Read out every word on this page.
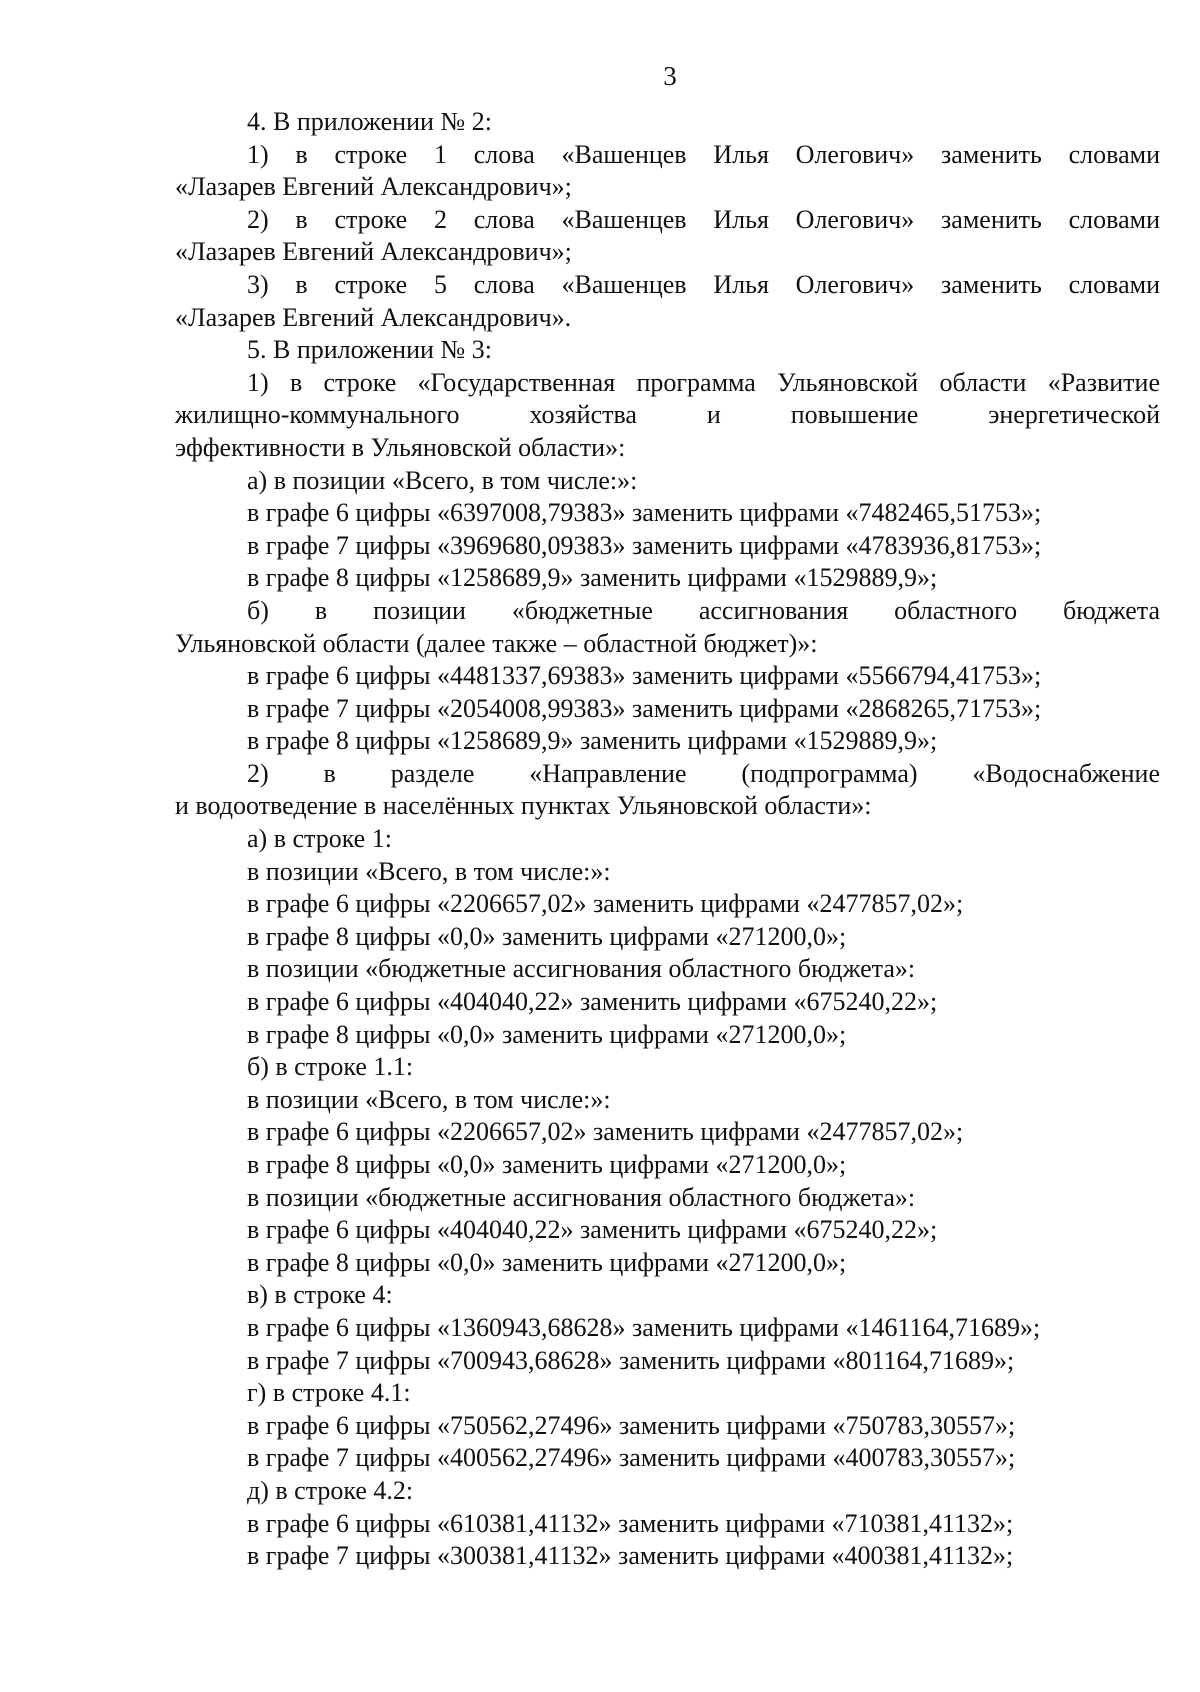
3
4. В приложении № 2:
1) в строке 1 слова «Вашенцев Илья Олегович» заменить словами
«Лазарев Евгений Александрович»;
2) в строке 2 слова «Вашенцев Илья Олегович» заменить словами
«Лазарев Евгений Александрович»;
3) в строке 5 слова «Вашенцев Илья Олегович» заменить словами
«Лазарев Евгений Александрович».
5. В приложении № 3:
1) в строке «Государственная программа Ульяновской области «Развитие
жилищно-коммунального хозяйства и повышение энергетической
эффективности в Ульяновской области»:
а) в позиции «Всего, в том числе:»:
в графе 6 цифры «6397008,79383» заменить цифрами «7482465,51753»;
в графе 7 цифры «3969680,09383» заменить цифрами «4783936,81753»;
в графе 8 цифры «1258689,9» заменить цифрами «1529889,9»;
б) в позиции «бюджетные ассигнования областного бюджета
Ульяновской области (далее также – областной бюджет)»:
в графе 6 цифры «4481337,69383» заменить цифрами «5566794,41753»;
в графе 7 цифры «2054008,99383» заменить цифрами «2868265,71753»;
в графе 8 цифры «1258689,9» заменить цифрами «1529889,9»;
2) в разделе «Направление (подпрограмма) «Водоснабжение
и водоотведение в населённых пунктах Ульяновской области»:
а) в строке 1:
в позиции «Всего, в том числе:»:
в графе 6 цифры «2206657,02» заменить цифрами «2477857,02»;
в графе 8 цифры «0,0» заменить цифрами «271200,0»;
в позиции «бюджетные ассигнования областного бюджета»:
в графе 6 цифры «404040,22» заменить цифрами «675240,22»;
в графе 8 цифры «0,0» заменить цифрами «271200,0»;
б) в строке 1.1:
в позиции «Всего, в том числе:»:
в графе 6 цифры «2206657,02» заменить цифрами «2477857,02»;
в графе 8 цифры «0,0» заменить цифрами «271200,0»;
в позиции «бюджетные ассигнования областного бюджета»:
в графе 6 цифры «404040,22» заменить цифрами «675240,22»;
в графе 8 цифры «0,0» заменить цифрами «271200,0»;
в) в строке 4:
в графе 6 цифры «1360943,68628» заменить цифрами «1461164,71689»;
в графе 7 цифры «700943,68628» заменить цифрами «801164,71689»;
г) в строке 4.1:
в графе 6 цифры «750562,27496» заменить цифрами «750783,30557»;
в графе 7 цифры «400562,27496» заменить цифрами «400783,30557»;
д) в строке 4.2:
в графе 6 цифры «610381,41132» заменить цифрами «710381,41132»;
в графе 7 цифры «300381,41132» заменить цифрами «400381,41132»;
